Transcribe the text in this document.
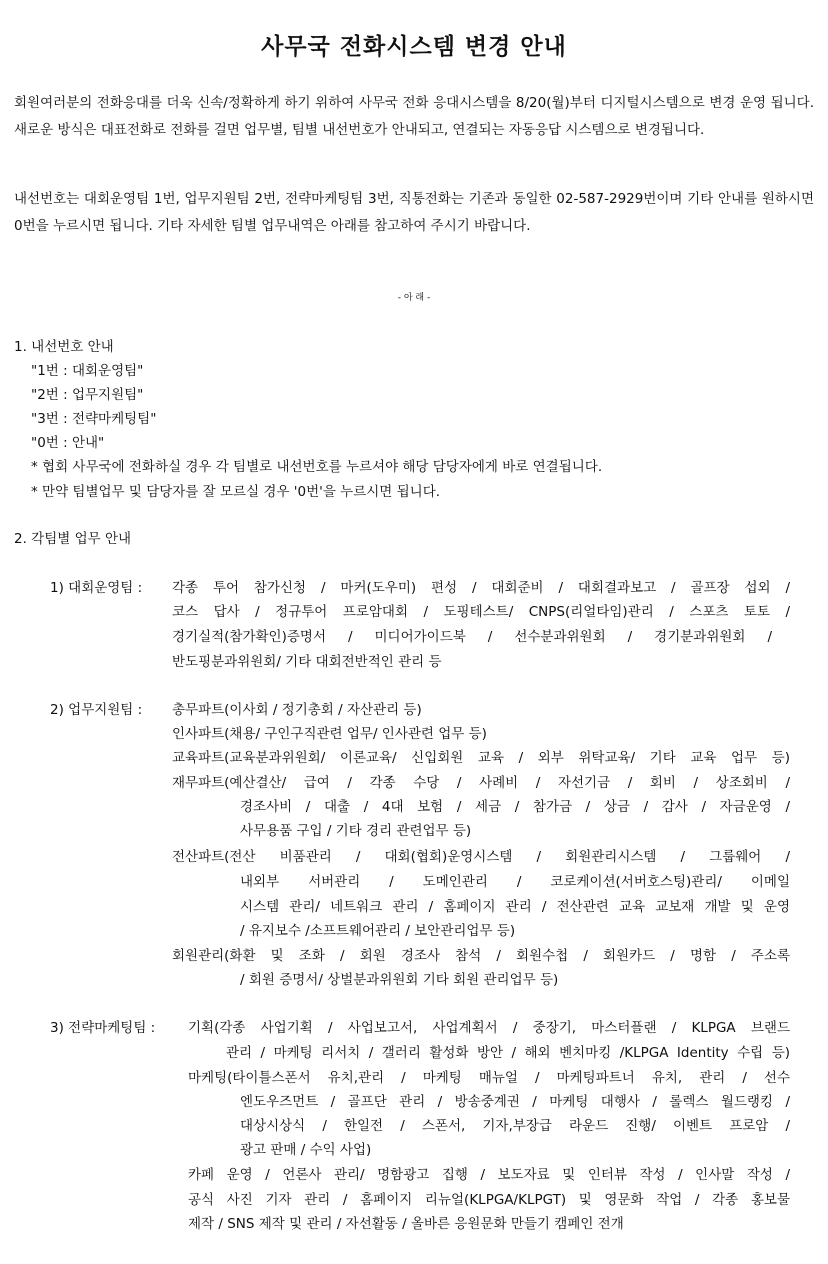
사무국 전화시스템 변경 안내
회원여러분의 전화응대를 더욱 신속/정확하게 하기 위하여 사무국 전화 응대시스템을 8/20(월)부터 디지털시스템으로 변경 운영 됩니다. 새로운 방식은 대표전화로 전화를 걸면 업무별, 팀별 내선번호가 안내되고, 연결되는 자동응답 시스템으로 변경됩니다.
내선번호는 대회운영팀 1번, 업무지원팀 2번, 전략마케팅팀 3번, 직통전화는 기존과 동일한 02-587-2929번이며 기타 안내를 원하시면 0번을 누르시면 됩니다. 기타 자세한 팀별 업무내역은 아래를 참고하여 주시기 바랍니다.
- 아 래 -
1. 내선번호 안내
"1번 : 대회운영팀"
"2번 : 업무지원팀"
"3번 : 전략마케팅팀"
"0번 : 안내"
* 협회 사무국에 전화하실 경우 각 팀별로 내선번호를 누르셔야 해당 담당자에게 바로 연결됩니다.
* 만약 팀별업무 및 담당자를 잘 모르실 경우 '0번'을 누르시면 됩니다.
2. 각팀별 업무 안내
1) 대회운영팀 : 각종 투어 참가신청 / 마커(도우미) 편성 / 대회준비 / 대회결과보고 / 골프장 섭외 /
코스 답사 / 정규투어 프로암대회 / 도핑테스트/ CNPS(리얼타임)관리 / 스포츠 토토 /
경기실적(참가확인)증명서 / 미디어가이드북 / 선수분과위원회 / 경기분과위원회 /
반도핑분과위원회/ 기타 대회전반적인 관리 등
2) 업무지원팀 : 총무파트(이사회 / 정기총회 / 자산관리 등)
인사파트(채용/ 구인구직관련 업무/ 인사관련 업무 등)
교육파트(교육분과위원회/ 이론교육/ 신입회원 교육 / 외부 위탁교육/ 기타 교육 업무 등)
재무파트(예산결산/ 급여 / 각종 수당 / 사례비 / 자선기금 / 회비 / 상조회비 /
경조사비 / 대출 / 4대 보험 / 세금 / 참가금 / 상금 / 감사 / 자금운영 /
사무용품 구입 / 기타 경리 관련업무 등)
전산파트(전산 비품관리 / 대회(협회)운영시스템 / 회원관리시스템 / 그룹웨어 /
내외부 서버관리 / 도메인관리 / 코로케이션(서버호스팅)관리/ 이메일
시스템 관리/ 네트워크 관리 / 홈페이지 관리 / 전산관련 교육 교보재 개발 및 운영
/ 유지보수 /소프트웨어관리 / 보안관리업무 등)
회원관리(화환 및 조화 / 회원 경조사 참석 / 회원수첩 / 회원카드 / 명함 / 주소록
/ 회원 증명서/ 상벌분과위원회 기타 회원 관리업무 등)
3) 전략마케팅팀 : 기획(각종 사업기획 / 사업보고서, 사업계획서 / 중장기, 마스터플랜 / KLPGA 브랜드
관리 / 마케팅 리서치 / 갤러리 활성화 방안 / 해외 벤치마킹 /KLPGA Identity 수립 등)
마케팅(타이틀스폰서 유치,관리 / 마케팅 매뉴얼 / 마케팅파트너 유치, 관리 / 선수
엔도우즈먼트 / 골프단 관리 / 방송중계권 / 마케팅 대행사 / 롤렉스 월드랭킹 /
대상시상식 / 한일전 / 스폰서, 기자,부장급 라운드 진행/ 이벤트 프로암 /
광고 판매 / 수익 사업)
카페 운영 / 언론사 관리/ 명함광고 집행 / 보도자료 및 인터뷰 작성 / 인사말 작성 /
공식 사진 기자 관리 / 홈페이지 리뉴얼(KLPGA/KLPGT) 및 영문화 작업 / 각종 홍보물
제작 / SNS 제작 및 관리 / 자선활동 / 올바른 응원문화 만들기 캠페인 전개
